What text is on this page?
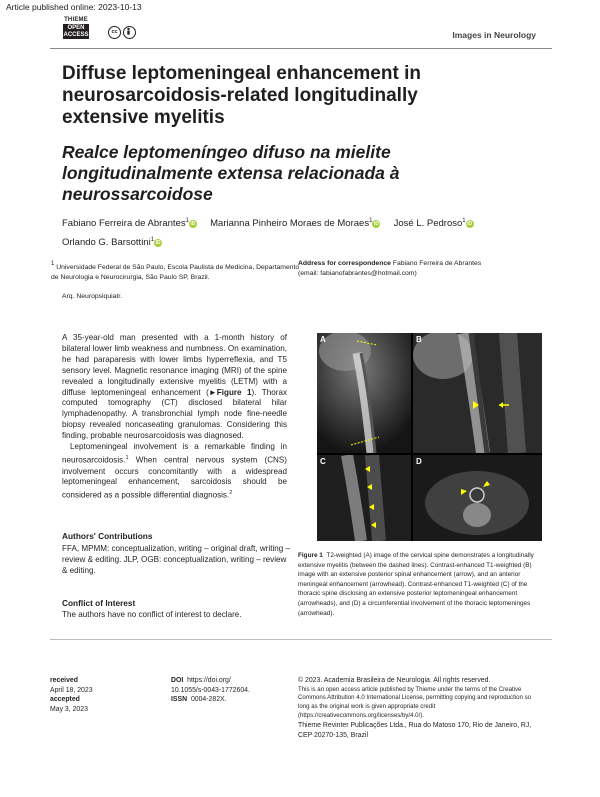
Article published online: 2023-10-13
THIEME
OPEN
ACCESS	cc	Images in Neurology
Diffuse leptomeningeal enhancement in neurosarcoidosis-related longitudinally extensive myelitis
Realce leptomeníngeo difuso na mielite longitudinalmente extensa relacionada à neurossarcoidose
Fabiano Ferreira de Abrantes$^1$ iD Marianna Pinheiro Moraes de Moraes$^1$ iD José L. Pedroso$^1$ iD
Orlando G. Barsottini$^1$ iD
1 Universidade Federal de São Paulo, Escola Paulista de Medicina, Departamento de Neurologia e Neurocirurgia, São Paulo SP, Brazil.
Address for correspondence Fabiano Ferreira de Abrantes
(email: fabianofabrantes@hotmail.com)
Arq. Neuropsiquiatr.

A 35-year-old man presented with a 1-month history of bilateral lower limb weakness and numbness. On examination, he had paraparesis with lower limbs hyperreflexia, and T5 sensory level. Magnetic resonance imaging (MRI) of the spine revealed a longitudinally extensive myelitis (LETM) with a diffuse leptomeningeal enhancement (►Figure 1). Thorax computed tomography (CT) disclosed bilateral hilar lymphadenopathy. A transbronchial lymph node fine-needle biopsy revealed noncaseating granulomas. Considering this finding, probable neurosarcoidosis was diagnosed.

Leptomeningeal involvement is a remarkable finding in neurosarcoidosis.$^1$ When central nervous system (CNS) involvement occurs concomitantly with a widespread leptomeningeal enhancement, sarcoidosis should be considered as a possible differential diagnosis.$^2$

Authors' Contributions
FFA, MPMM: conceptualization, writing – original draft, writing – review & editing. JLP, OGB: conceptualization, writing – review & editing.
Conflict of Interest
The authors have no conflict of interest to declare.
A	B
C	D
Figure 1 T2-weighted (A) image of the cervical spine demonstrates a longitudinally extensive myelitis (between the dashed lines). Contrast-enhanced T1-weighted (B) image with an extensive posterior spinal enhancement (arrow), and an anterior meningeal enhancement (arrowhead). Contrast-enhanced T1-weighted (C) of the thoracic spine disclosing an extensive posterior leptomeningeal enhancement (arrowheads), and (D) a circumferential involvement of the thoracic leptomeninges (arrowhead).
received
April 18, 2023
accepted
May 3, 2023
DOI https://doi.org/
10.1055/s-0043-1772604.
ISSN 0004-282X.
© 2023. Academia Brasileira de Neurologia. All rights reserved.
This is an open access article published by Thieme under the terms of the Creative Commons Attribution 4.0 International License, permitting copying and reproduction so long as the original work is given appropriate credit (https://creativecommons.org/licenses/by/4.0/).
Thieme Revinter Publicações Ltda., Rua do Matoso 170, Rio de Janeiro, RJ, CEP 20270-135, Brazil
